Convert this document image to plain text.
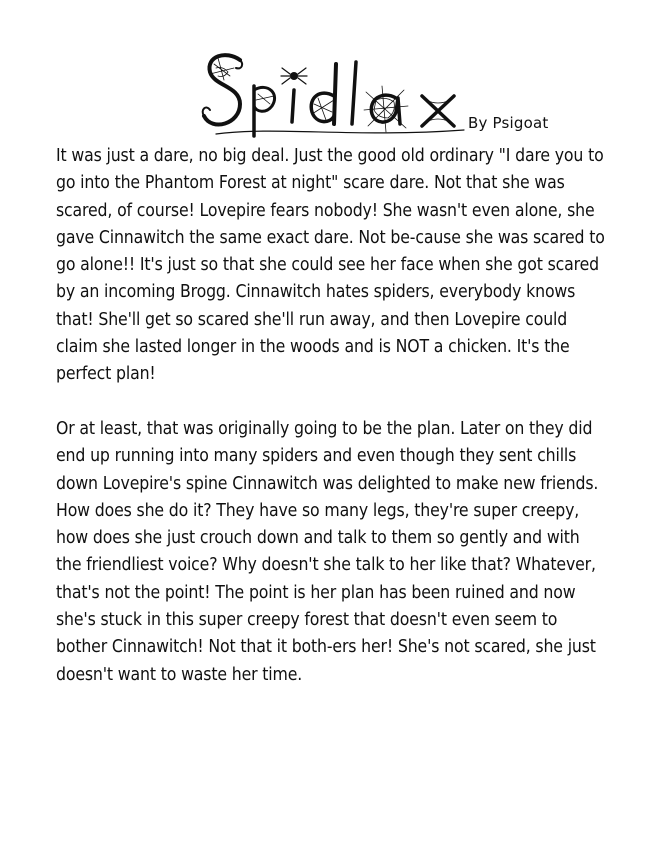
By Psigoat

It was just a dare, no big deal. Just the good old ordinary "I dare you to go into the Phantom Forest at night" scare dare. Not that she was scared, of course! Lovepire fears nobody! She wasn't even alone, she gave Cinnawitch the same exact dare. Not be-cause she was scared to go alone!! It's just so that she could see her face when she got scared by an incoming Brogg. Cinnawitch hates spiders, everybody knows that! She'll get so scared she'll run away, and then Lovepire could claim she lasted longer in the woods and is NOT a chicken. It's the perfect plan!

Or at least, that was originally going to be the plan. Later on they did end up running into many spiders and even though they sent chills down Lovepire's spine Cinnawitch was delighted to make new friends. How does she do it? They have so many legs, they're super creepy, how does she just crouch down and talk to them so gently and with the friendliest voice? Why doesn't she talk to her like that? Whatever, that's not the point! The point is her plan has been ruined and now she's stuck in this super creepy forest that doesn't even seem to bother Cinnawitch! Not that it both-ers her! She's not scared, she just doesn't want to waste her time.
